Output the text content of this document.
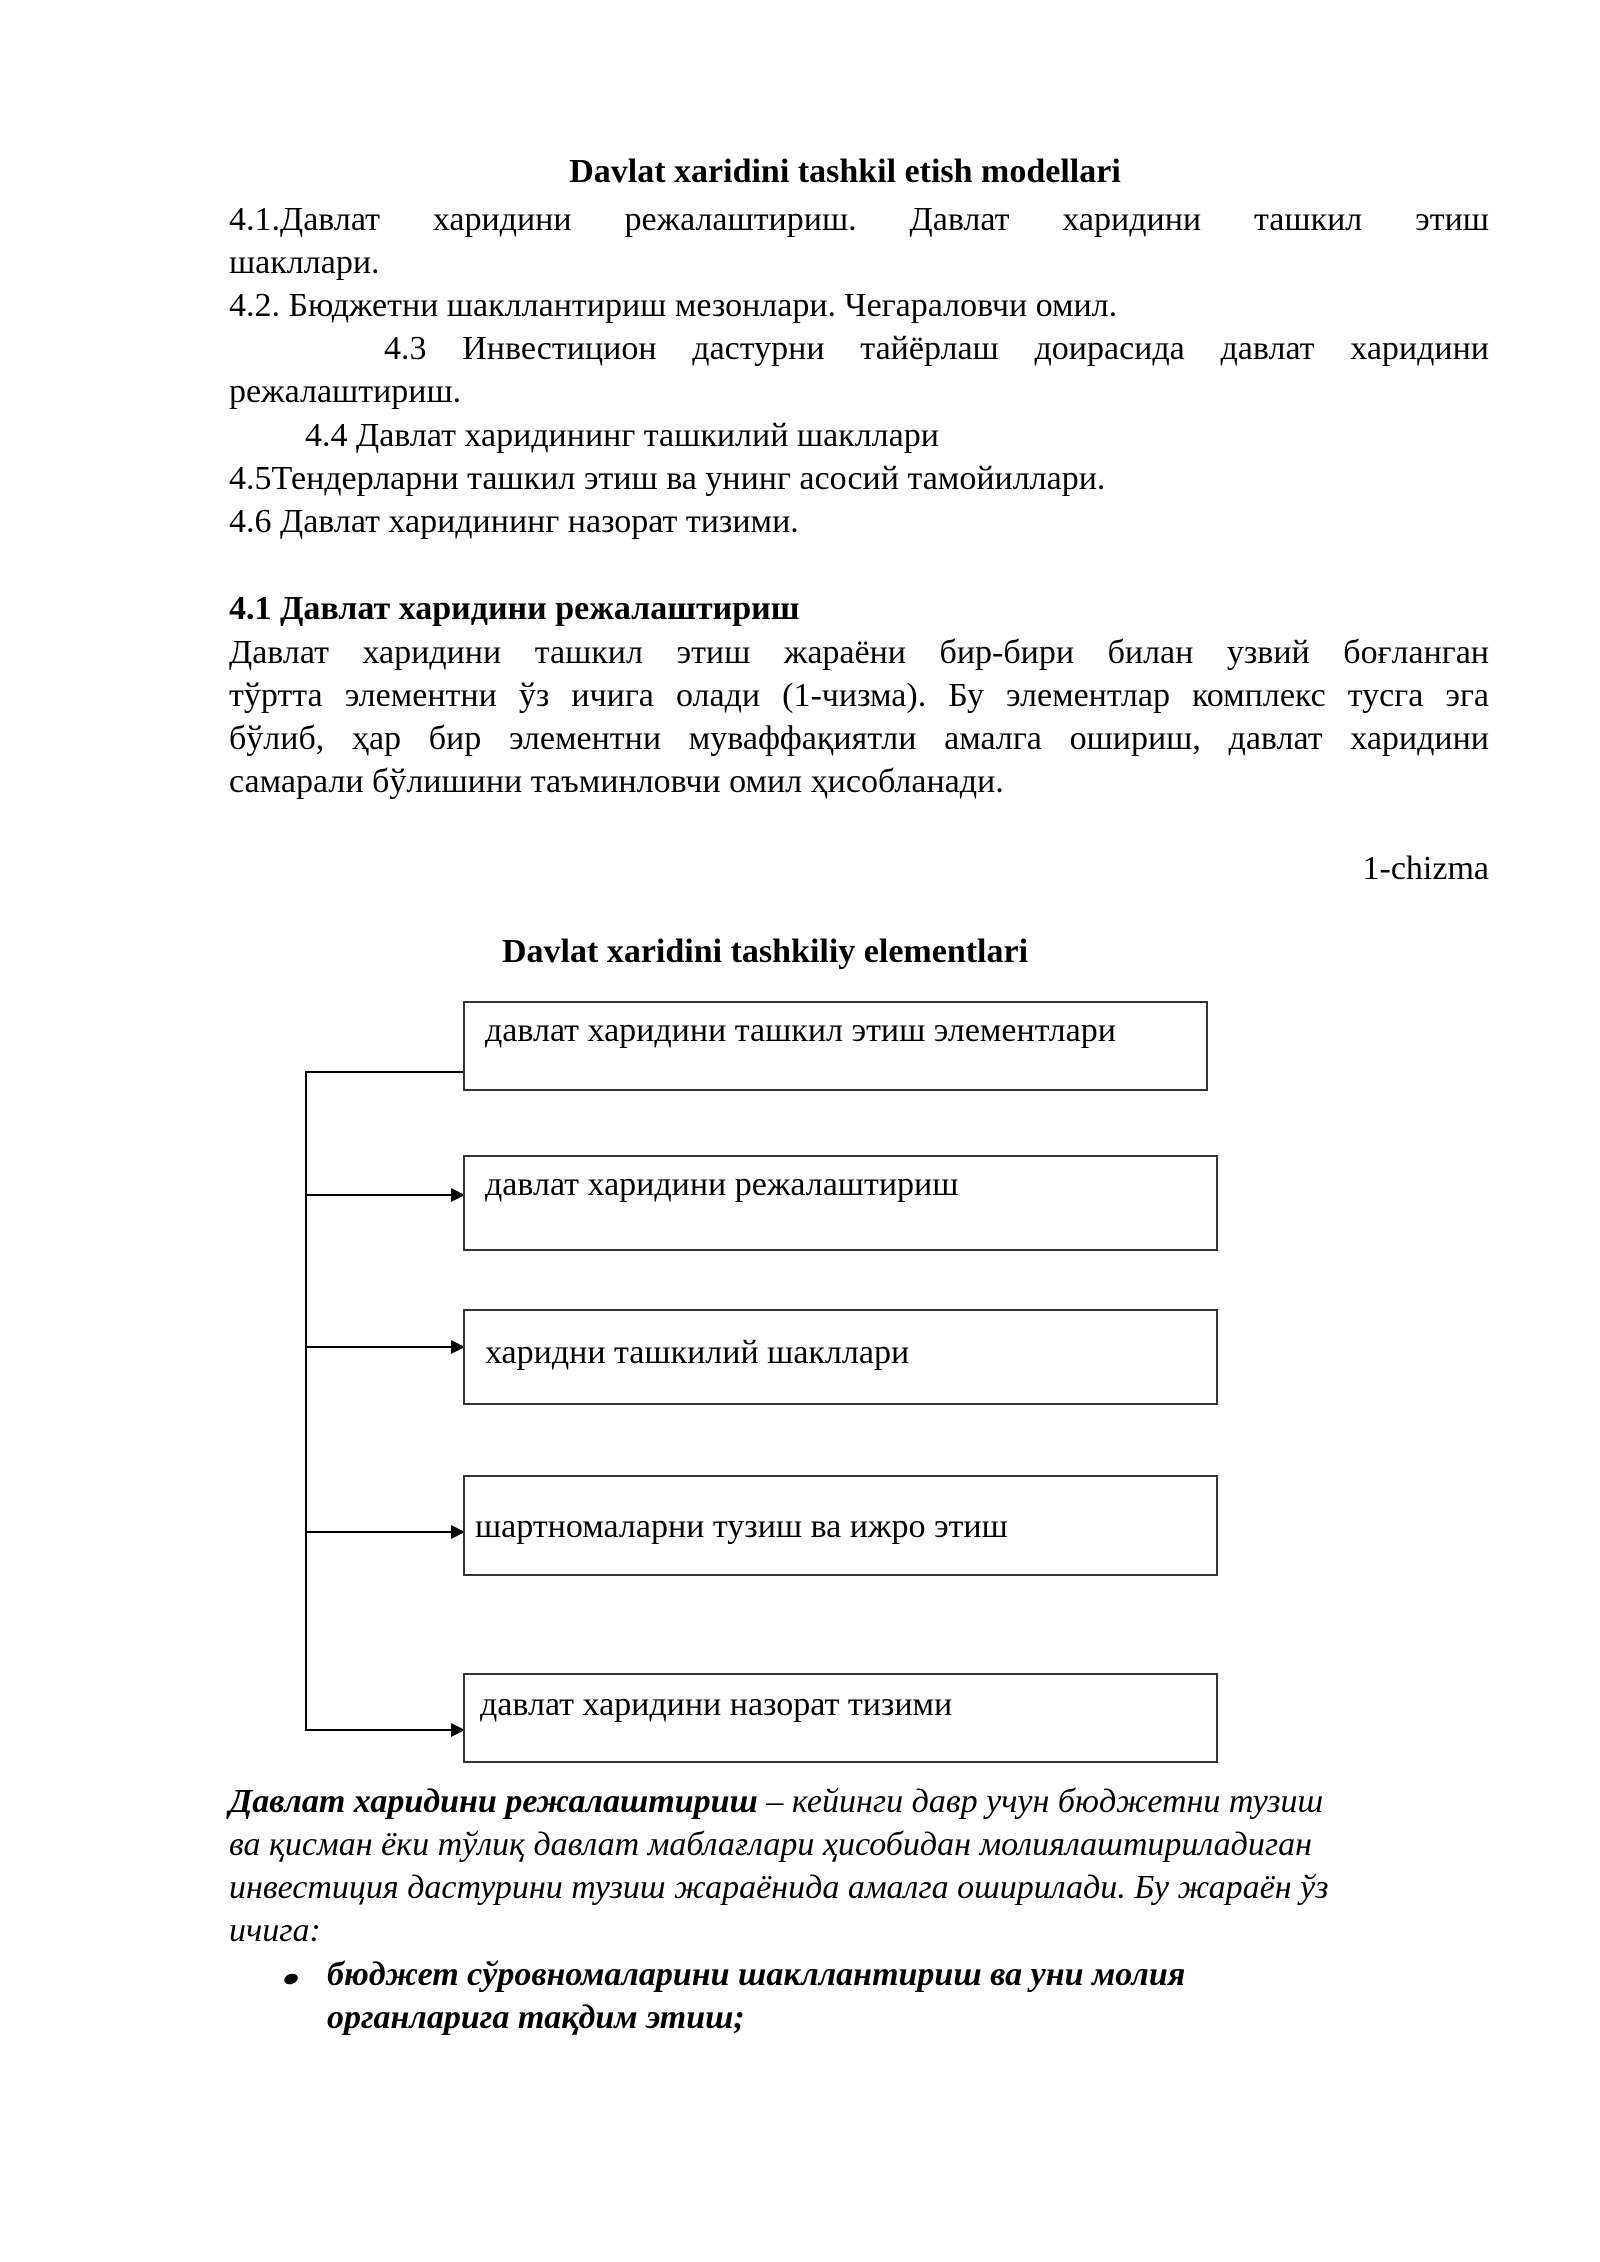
Davlat xaridini tashkil etish modellari
4.1.Давлат харидини режалаштириш. Давлат харидини ташкил этиш
шакллари.
4.2. Бюджетни шакллантириш мезонлари. Чегараловчи омил.
4.3 Инвестицион дастурни тайёрлаш доирасида давлат харидини
режалаштириш.
4.4 Давлат харидининг ташкилий шакллари
4.5Тендерларни ташкил этиш ва унинг асосий тамойиллари.
4.6 Давлат харидининг назорат тизими.
4.1 Давлат харидини режалаштириш
Давлат харидини ташкил этиш жараёни бир-бири билан узвий боғланган
тўртта элементни ўз ичига олади (1-чизма). Бу элементлар комплекс тусга эга
бўлиб, ҳар бир элементни муваффақиятли амалга ошириш, давлат харидини
самарали бўлишини таъминловчи омил ҳисобланади.
1-chizma
Davlat xaridini tashkiliy elementlari
давлат харидини ташкил этиш элементлари
давлат харидини режалаштириш
харидни ташкилий шакллари
шартномаларни тузиш ва ижро этиш
давлат харидини назорат тизими
Давлат харидини режалаштириш – кейинги давр учун бюджетни тузиш
ва қисман ёки тўлиқ давлат маблағлари ҳисобидан молиялаштириладиган
инвестиция дастурини тузиш жараёнида амалга оширилади. Бу жараён ўз
ичига:
бюджет сўровномаларини шакллантириш ва уни молия
органларига тақдим этиш;
